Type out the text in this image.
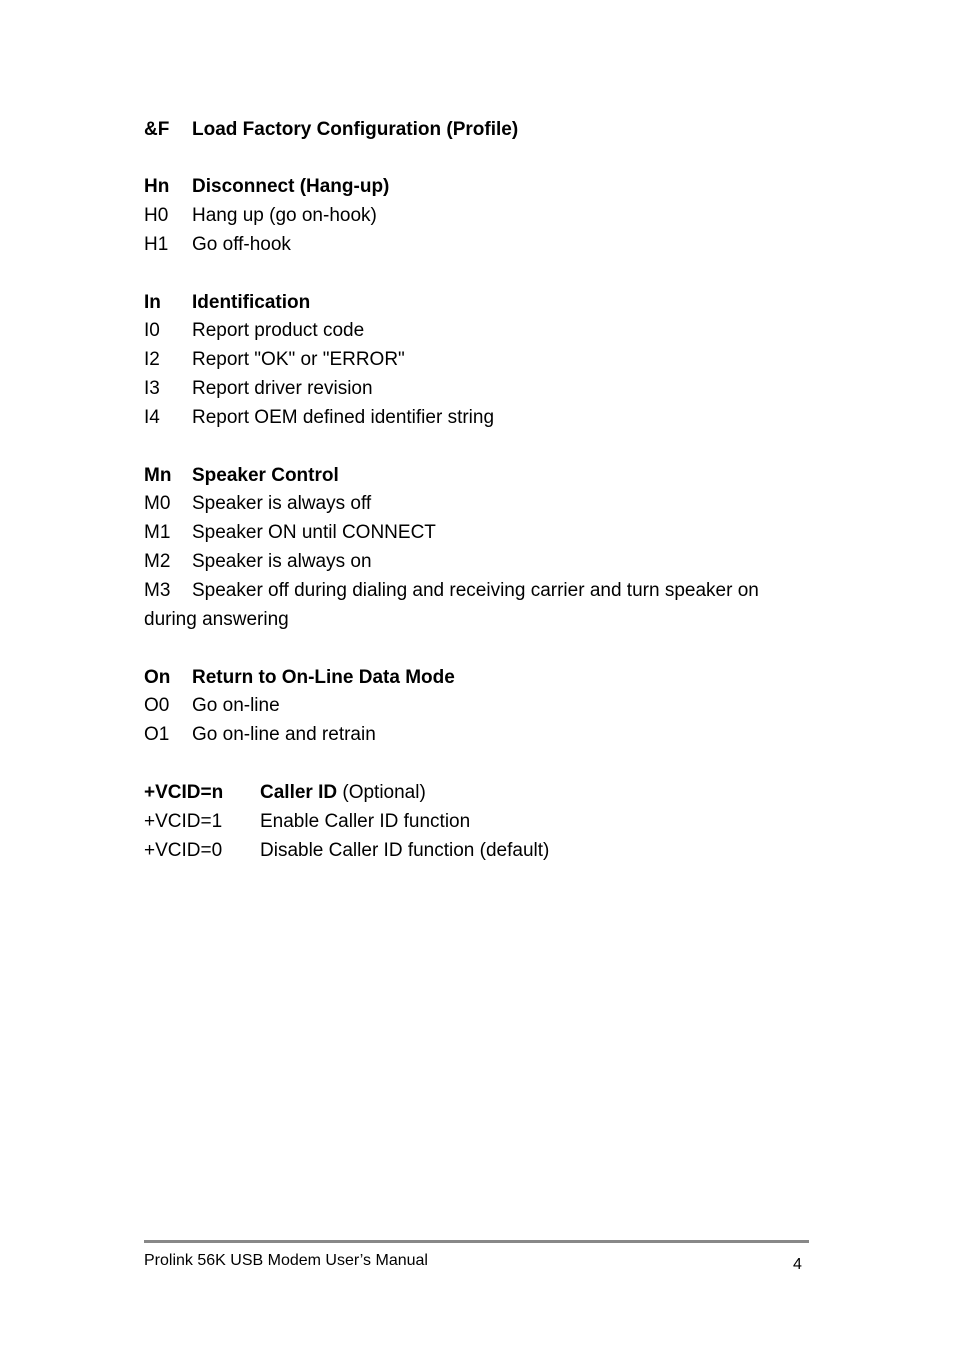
&F Load Factory Configuration (Profile)
Hn Disconnect (Hang-up)
H0 Hang up (go on-hook)
H1 Go off-hook
In Identification
I0 Report product code
I2 Report "OK" or "ERROR"
I3 Report driver revision
I4 Report OEM defined identifier string
Mn Speaker Control
M0 Speaker is always off
M1 Speaker ON until CONNECT
M2 Speaker is always on
M3 Speaker off during dialing and receiving carrier and turn speaker on
during answering
On Return to On-Line Data Mode
O0 Go on-line
O1 Go on-line and retrain
+VCID=n Caller ID (Optional)
+VCID=1 Enable Caller ID function
+VCID=0 Disable Caller ID function (default)
Prolink 56K USB Modem User’s Manual	4
